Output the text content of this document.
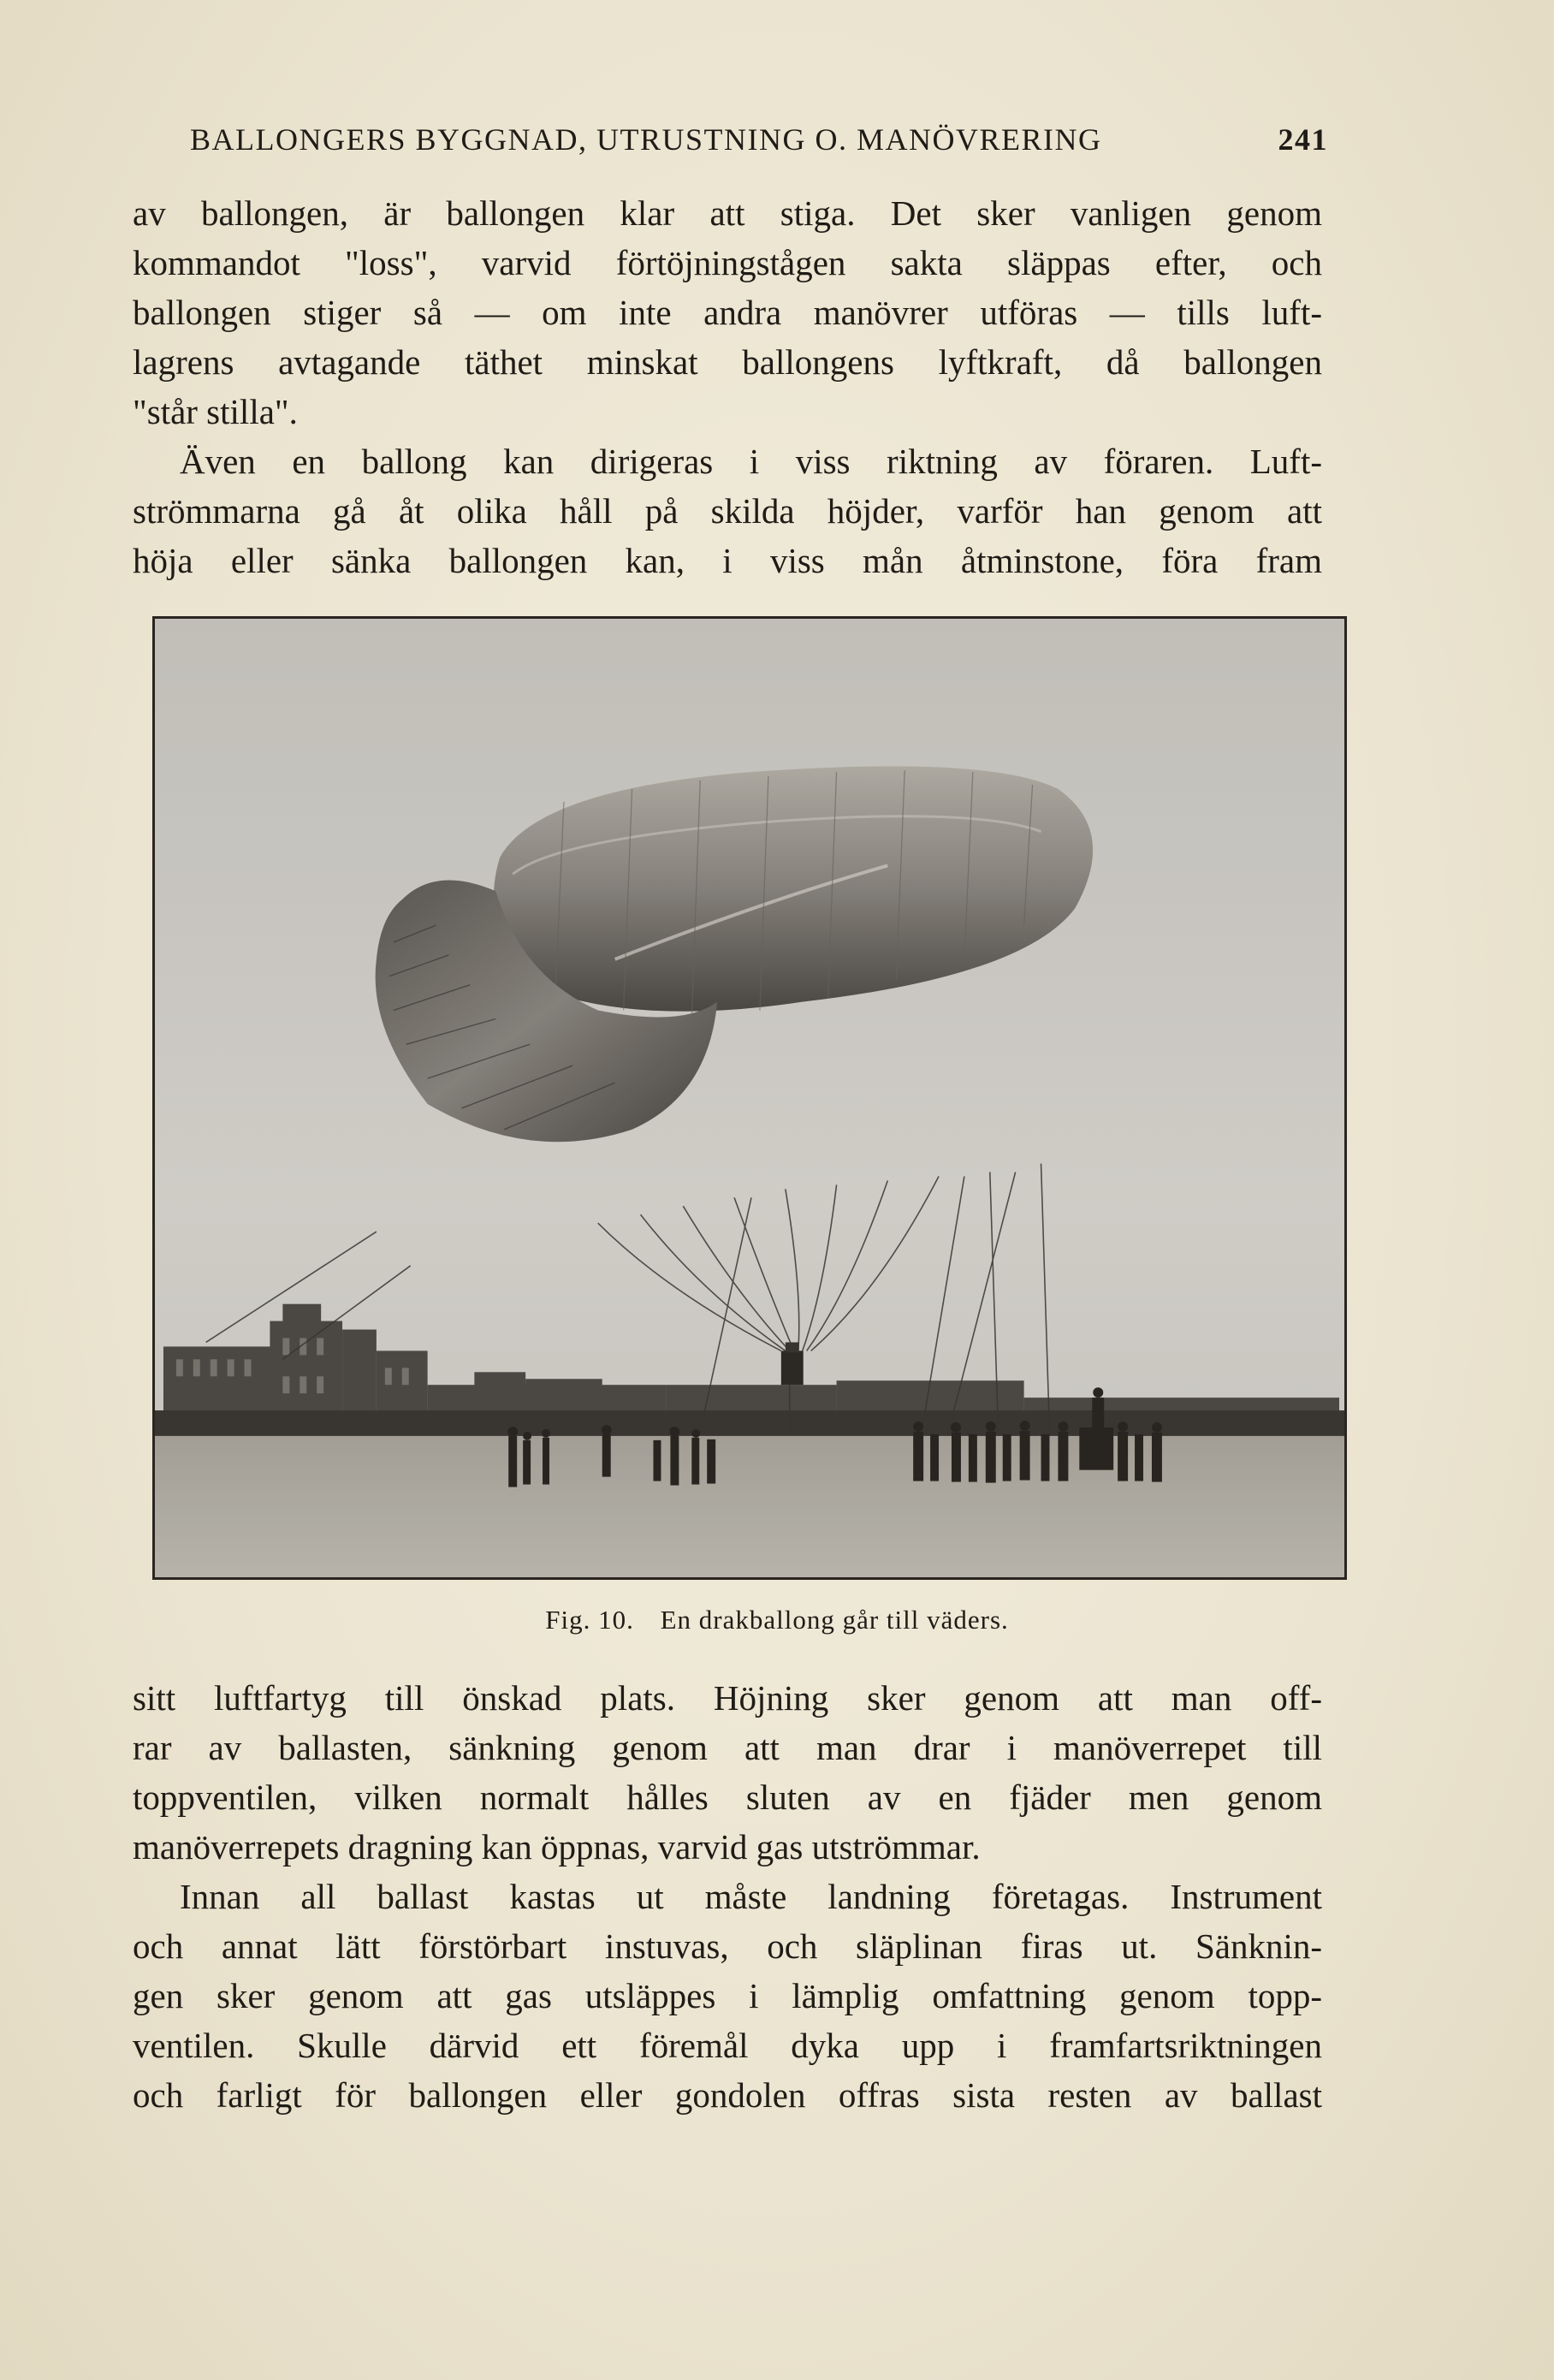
BALLONGERS BYGGNAD, UTRUSTNING O. MANÖVRERING	241
av ballongen, är ballongen klar att stiga. Det sker vanligen genom
kommandot "loss", varvid förtöjningstågen sakta släppas efter, och
ballongen stiger så — om inte andra manövrer utföras — tills luft-
lagrens avtagande täthet minskat ballongens lyftkraft, då ballongen
"står stilla".
Även en ballong kan dirigeras i viss riktning av föraren. Luft-
strömmarna gå åt olika håll på skilda höjder, varför han genom att
höja eller sänka ballongen kan, i viss mån åtminstone, föra fram
Fig. 10. En drakballong går till väders.
sitt luftfartyg till önskad plats. Höjning sker genom att man off-
rar av ballasten, sänkning genom att man drar i manöverrepet till
toppventilen, vilken normalt hålles sluten av en fjäder men genom
manöverrepets dragning kan öppnas, varvid gas utströmmar.
Innan all ballast kastas ut måste landning företagas. Instrument
och annat lätt förstörbart instuvas, och släplinan firas ut. Sänknin-
gen sker genom att gas utsläppes i lämplig omfattning genom topp-
ventilen. Skulle därvid ett föremål dyka upp i framfartsriktningen
och farligt för ballongen eller gondolen offras sista resten av ballast
